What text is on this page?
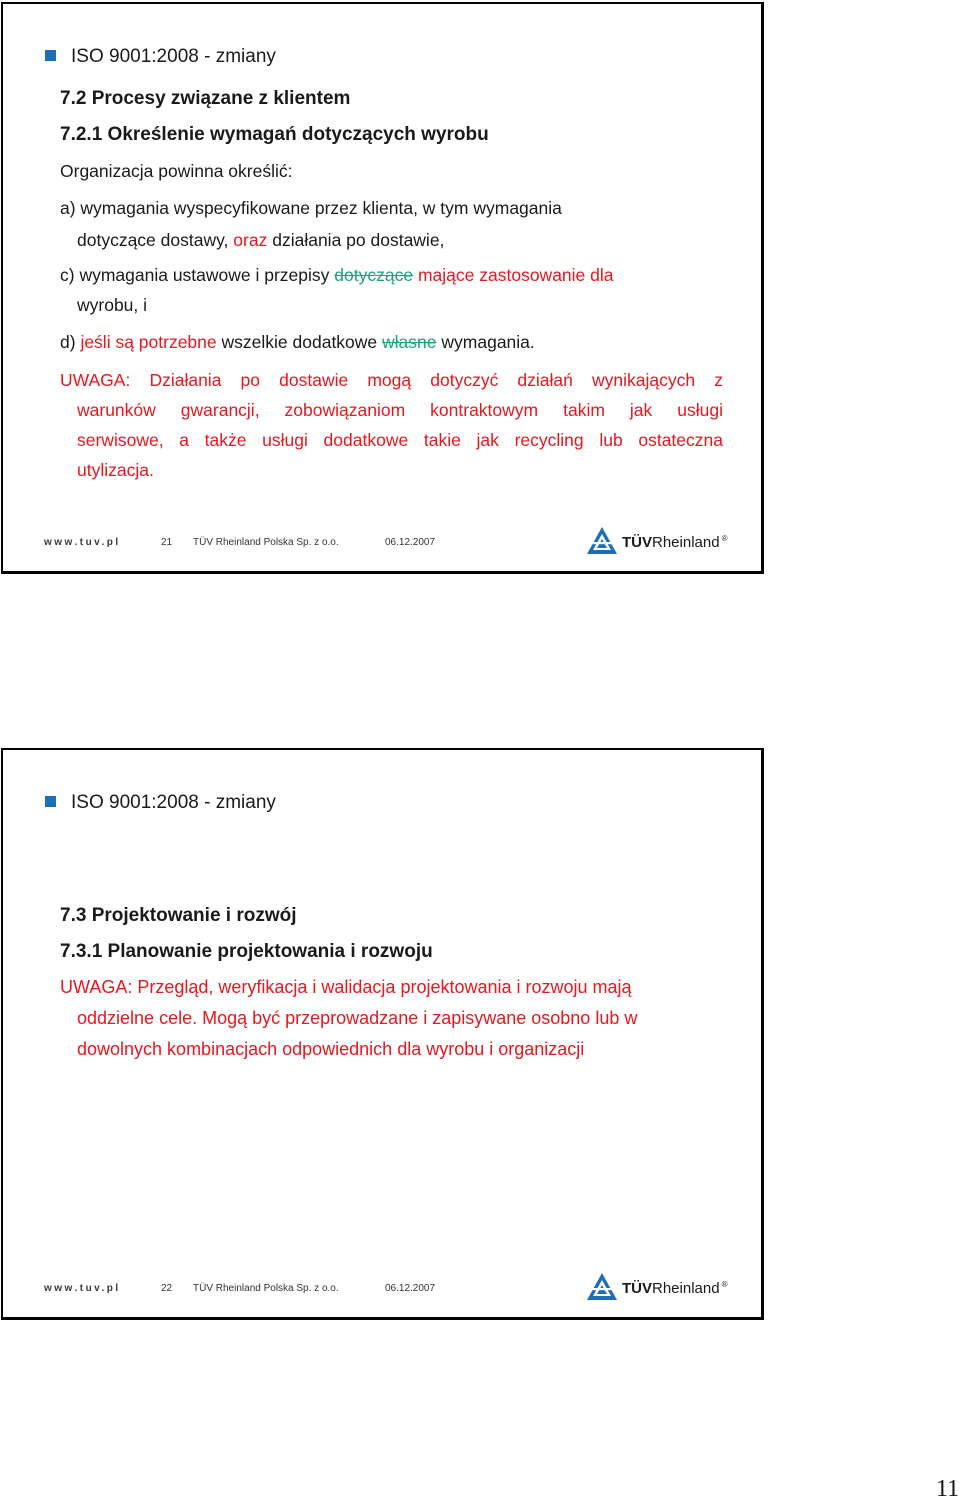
ISO 9001:2008 - zmiany
7.2 Procesy związane z klientem
7.2.1 Określenie wymagań dotyczących wyrobu
Organizacja powinna określić:
a) wymagania wyspecyfikowane przez klienta, w tym wymagania
dotyczące dostawy, oraz działania po dostawie,
c) wymagania ustawowe i przepisy dotyczące mające zastosowanie dla
wyrobu, i
d) jeśli są potrzebne wszelkie dodatkowe własne wymagania.
UWAGA: Działania po dostawie mogą dotyczyć działań wynikających z
warunków gwarancji, zobowiązaniom kontraktowym takim jak usługi
serwisowe, a także usługi dodatkowe takie jak recycling lub ostateczna
utylizacja.
www.tuv.pl	21 TÜV Rheinland Polska Sp. z o.o.	06.12.2007	TÜVRheinland ®
ISO 9001:2008 - zmiany
7.3 Projektowanie i rozwój
7.3.1 Planowanie projektowania i rozwoju
UWAGA: Przegląd, weryfikacja i walidacja projektowania i rozwoju mają
oddzielne cele. Mogą być przeprowadzane i zapisywane osobno lub w
dowolnych kombinacjach odpowiednich dla wyrobu i organizacji
www.tuv.pl	22 TÜV Rheinland Polska Sp. z o.o.	06.12.2007	TÜVRheinland ®
11
